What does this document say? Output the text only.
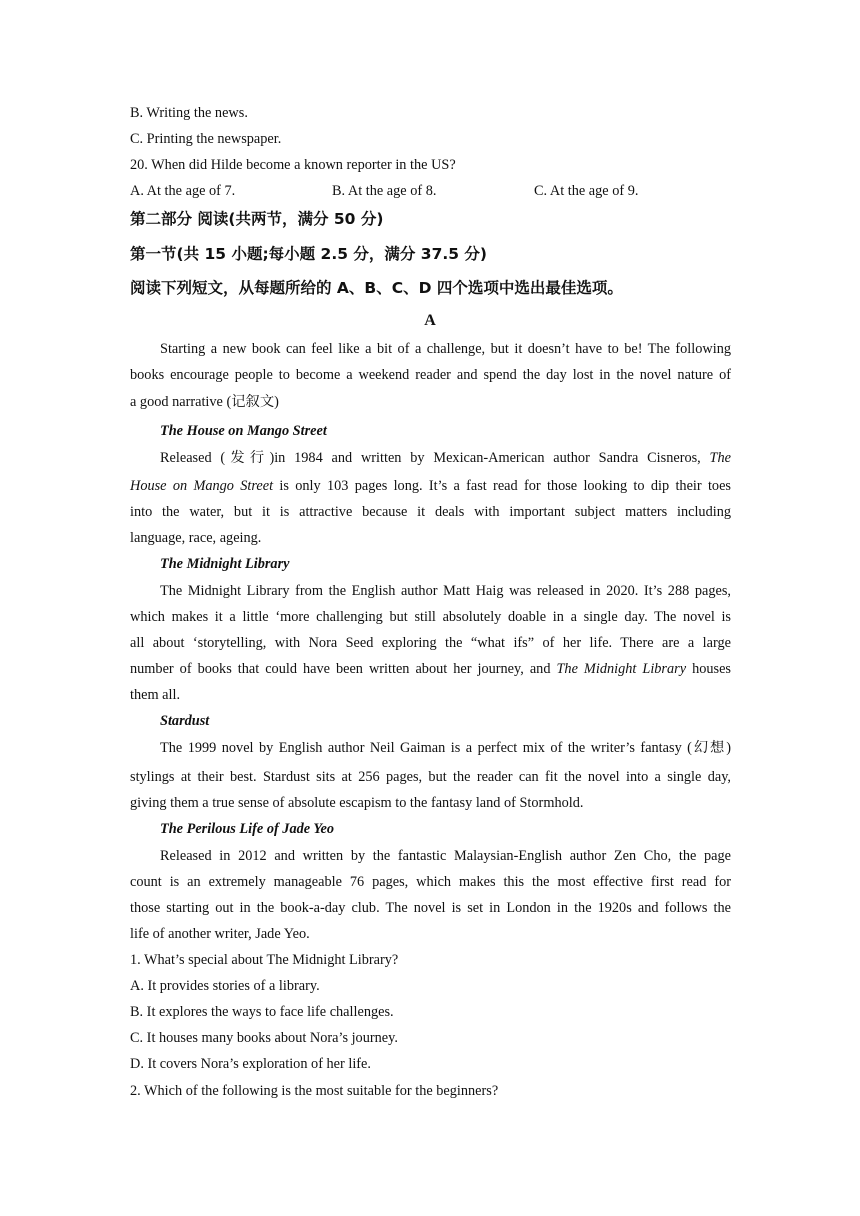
B. Writing the news.
C. Printing the newspaper.
20. When did Hilde become a known reporter in the US?
A. At the age of 7.	B. At the age of 8.	C. At the age of 9.
第二部分 阅读(共两节，满分 50 分)
第一节(共 15 小题;每小题 2.5 分，满分 37.5 分)
阅读下列短文，从每题所给的 A、B、C、D 四个选项中选出最佳选项。
A
Starting a new book can feel like a bit of a challenge, but it doesn’t have to be! The following
books encourage people to become a weekend reader and spend the day lost in the novel nature of
a good narrative (记叙文)
The House on Mango Street
Released (发行)in 1984 and written by Mexican-American author Sandra Cisneros, The
House on Mango Street is only 103 pages long. It’s a fast read for those looking to dip their toes
into the water, but it is attractive because it deals with important subject matters including
language, race, ageing.
The Midnight Library
The Midnight Library from the English author Matt Haig was released in 2020. It’s 288 pages,
which makes it a little ‘more challenging but still absolutely doable in a single day. The novel is
all about ‘storytelling, with Nora Seed exploring the “what ifs” of her life. There are a large
number of books that could have been written about her journey, and The Midnight Library houses
them all.
Stardust
The 1999 novel by English author Neil Gaiman is a perfect mix of the writer’s fantasy (幻想)
stylings at their best. Stardust sits at 256 pages, but the reader can fit the novel into a single day,
giving them a true sense of absolute escapism to the fantasy land of Stormhold.
The Perilous Life of Jade Yeo
Released in 2012 and written by the fantastic Malaysian-English author Zen Cho, the page
count is an extremely manageable 76 pages, which makes this the most effective first read for
those starting out in the book-a-day club. The novel is set in London in the 1920s and follows the
life of another writer, Jade Yeo.
1. What’s special about The Midnight Library?
A. It provides stories of a library.
B. It explores the ways to face life challenges.
C. It houses many books about Nora’s journey.
D. It covers Nora’s exploration of her life.
2. Which of the following is the most suitable for the beginners?
